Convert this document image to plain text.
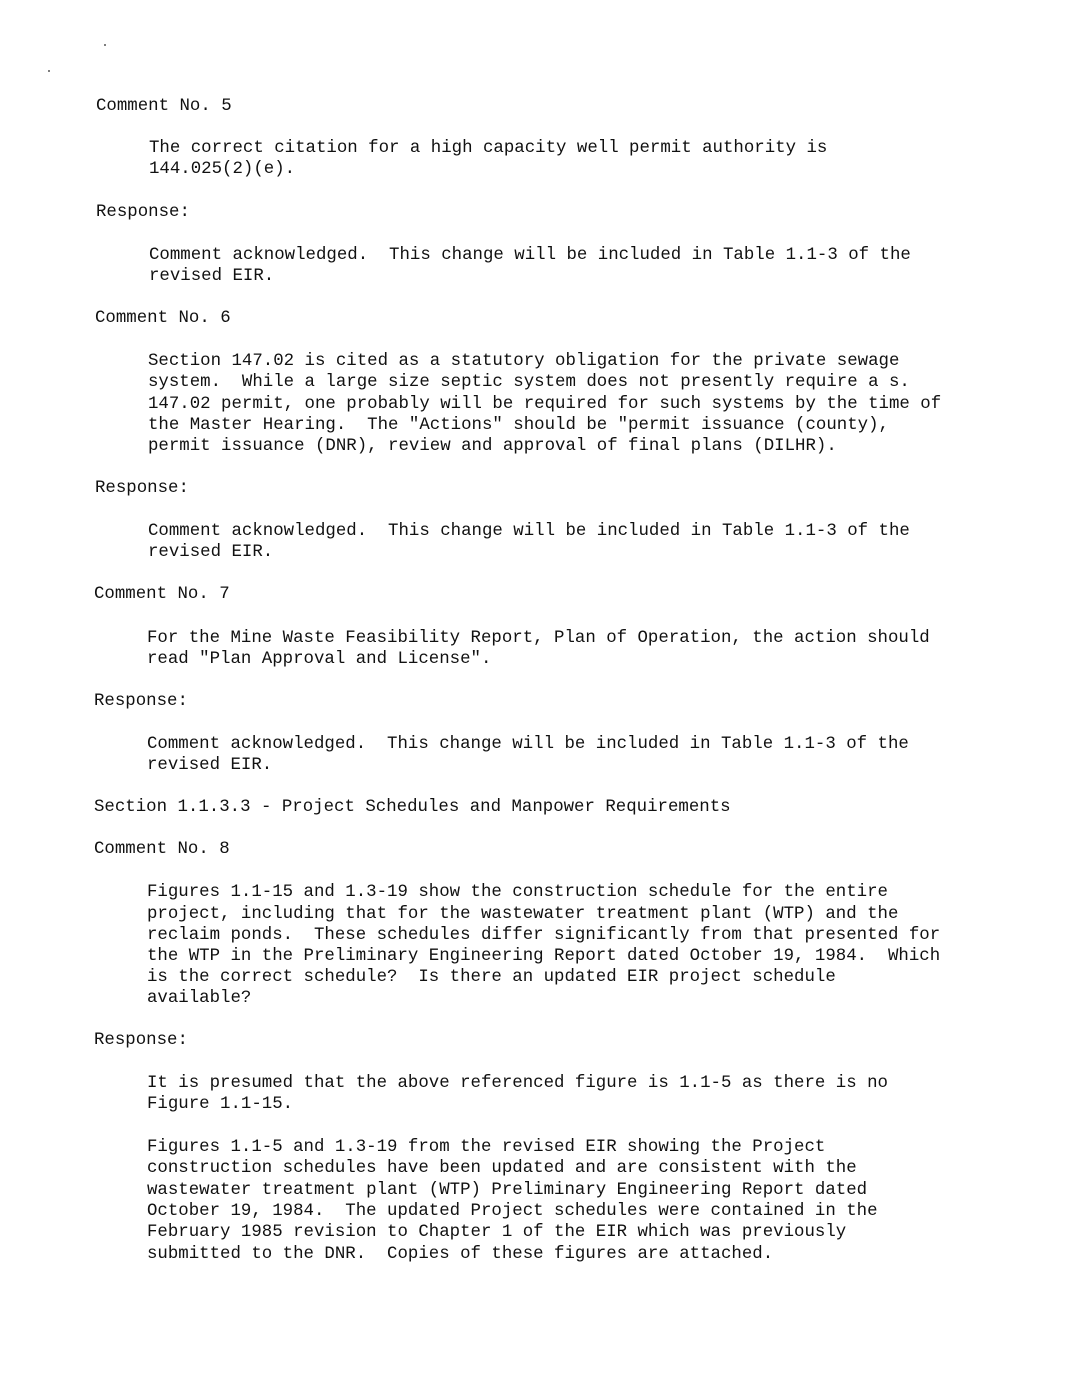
Comment No. 5
The correct citation for a high capacity well permit authority is
144.025(2)(e).
Response:
Comment acknowledged.  This change will be included in Table 1.1-3 of the
revised EIR.
Comment No. 6
Section 147.02 is cited as a statutory obligation for the private sewage
system.  While a large size septic system does not presently require a s.
147.02 permit, one probably will be required for such systems by the time of
the Master Hearing.  The "Actions" should be "permit issuance (county),
permit issuance (DNR), review and approval of final plans (DILHR).
Response:
Comment acknowledged.  This change will be included in Table 1.1-3 of the
revised EIR.
Comment No. 7
For the Mine Waste Feasibility Report, Plan of Operation, the action should
read "Plan Approval and License".
Response:
Comment acknowledged.  This change will be included in Table 1.1-3 of the
revised EIR.
Section 1.1.3.3 - Project Schedules and Manpower Requirements
Comment No. 8
Figures 1.1-15 and 1.3-19 show the construction schedule for the entire
project, including that for the wastewater treatment plant (WTP) and the
reclaim ponds.  These schedules differ significantly from that presented for
the WTP in the Preliminary Engineering Report dated October 19, 1984.  Which
is the correct schedule?  Is there an updated EIR project schedule
available?
Response:
It is presumed that the above referenced figure is 1.1-5 as there is no
Figure 1.1-15.
Figures 1.1-5 and 1.3-19 from the revised EIR showing the Project
construction schedules have been updated and are consistent with the
wastewater treatment plant (WTP) Preliminary Engineering Report dated
October 19, 1984.  The updated Project schedules were contained in the
February 1985 revision to Chapter 1 of the EIR which was previously
submitted to the DNR.  Copies of these figures are attached.
